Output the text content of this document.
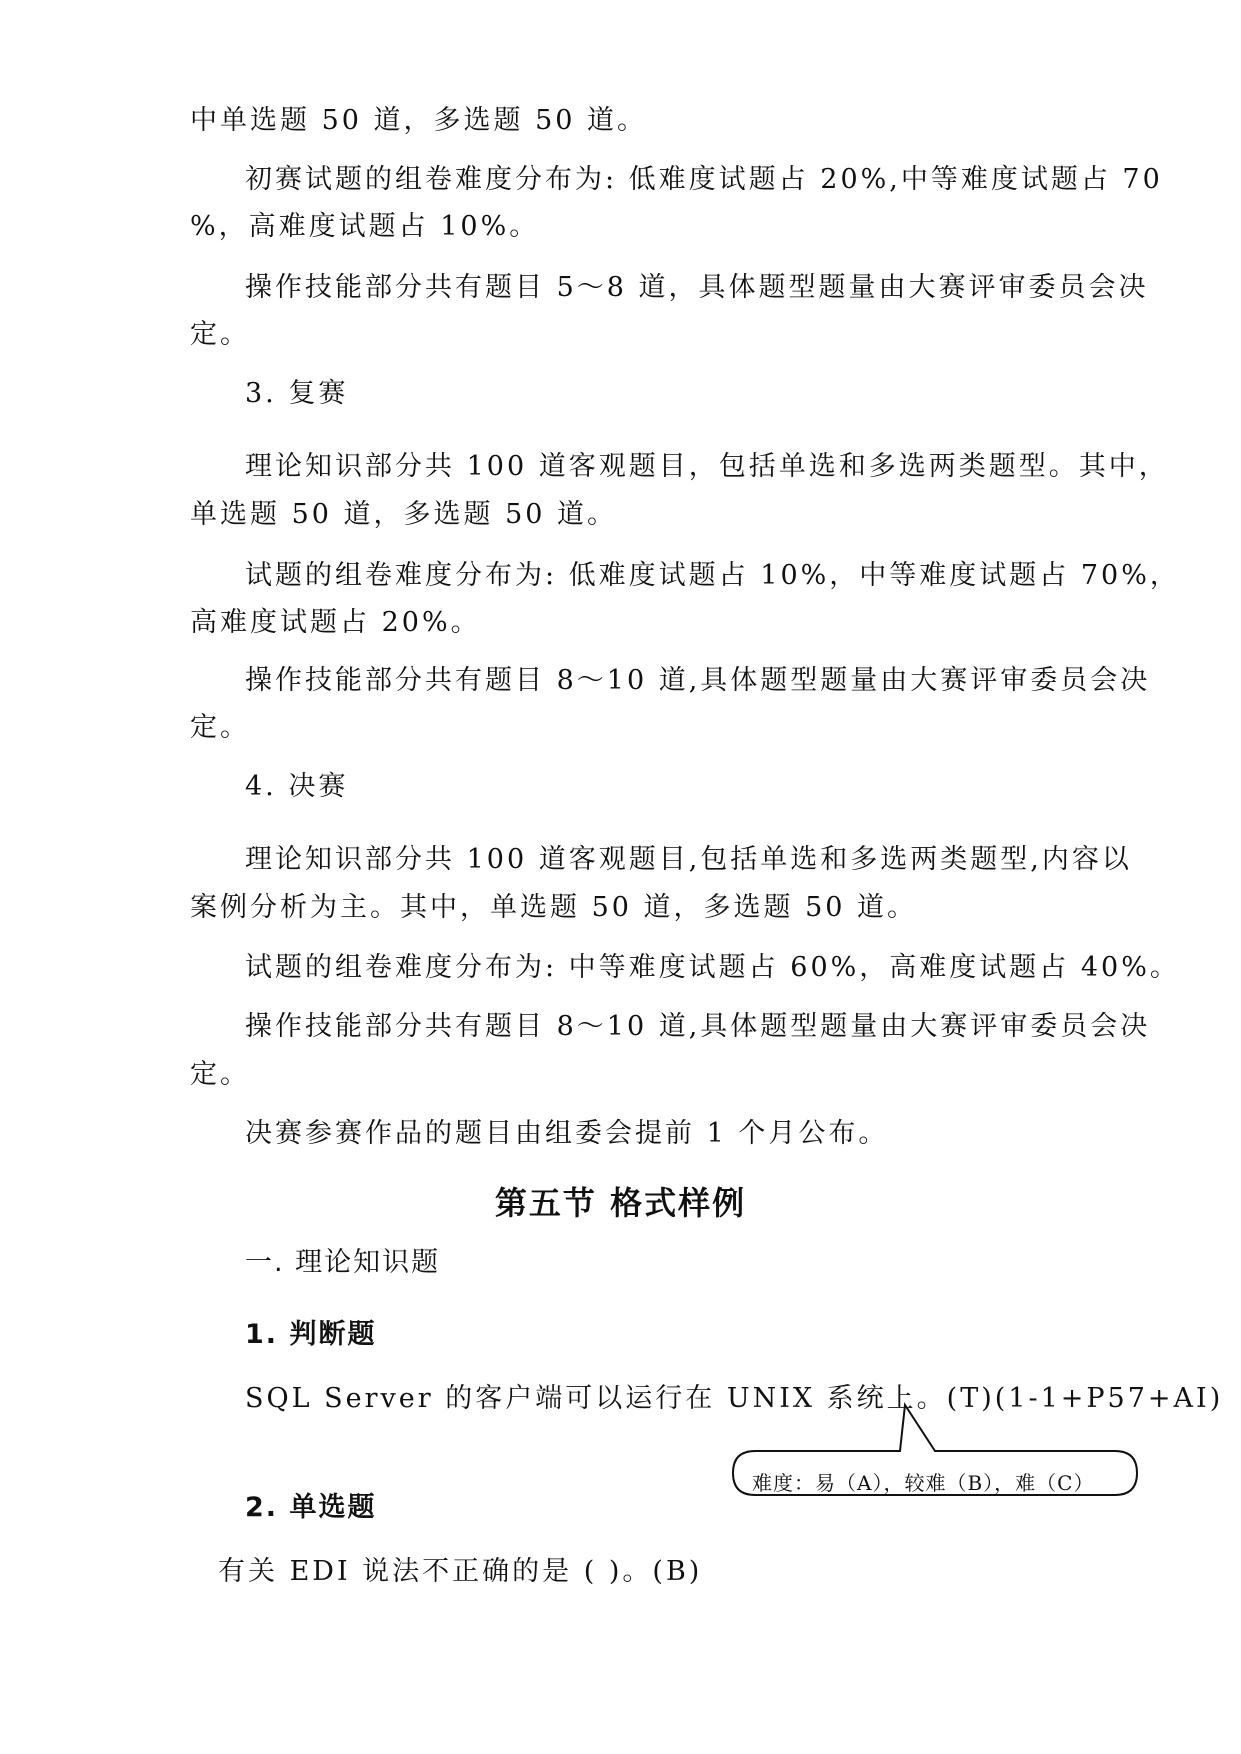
中单选题 50 道，多选题 50 道。

初赛试题的组卷难度分布为: 低难度试题占 20%,中等难度试题占 70

%，高难度试题占 10%。

操作技能部分共有题目 5～8 道，具体题型题量由大赛评审委员会决

定。

3. 复赛

理论知识部分共 100 道客观题目，包括单选和多选两类题型。其中，

单选题 50 道，多选题 50 道。

试题的组卷难度分布为: 低难度试题占 10%，中等难度试题占 70%，

高难度试题占 20%。

操作技能部分共有题目 8～10 道,具体题型题量由大赛评审委员会决

定。

4. 决赛

理论知识部分共 100 道客观题目,包括单选和多选两类题型,内容以

案例分析为主。其中，单选题 50 道，多选题 50 道。

试题的组卷难度分布为: 中等难度试题占 60%，高难度试题占 40%。

操作技能部分共有题目 8～10 道,具体题型题量由大赛评审委员会决

定。

决赛参赛作品的题目由组委会提前 1 个月公布。

第五节 格式样例

一. 理论知识题

1. 判断题

SQL Server 的客户端可以运行在 UNIX 系统上。(T)(1-1+P57+AI)

难度：易（A），较难（B），难（C）

2. 单选题

有关 EDI 说法不正确的是 ( )。(B)
